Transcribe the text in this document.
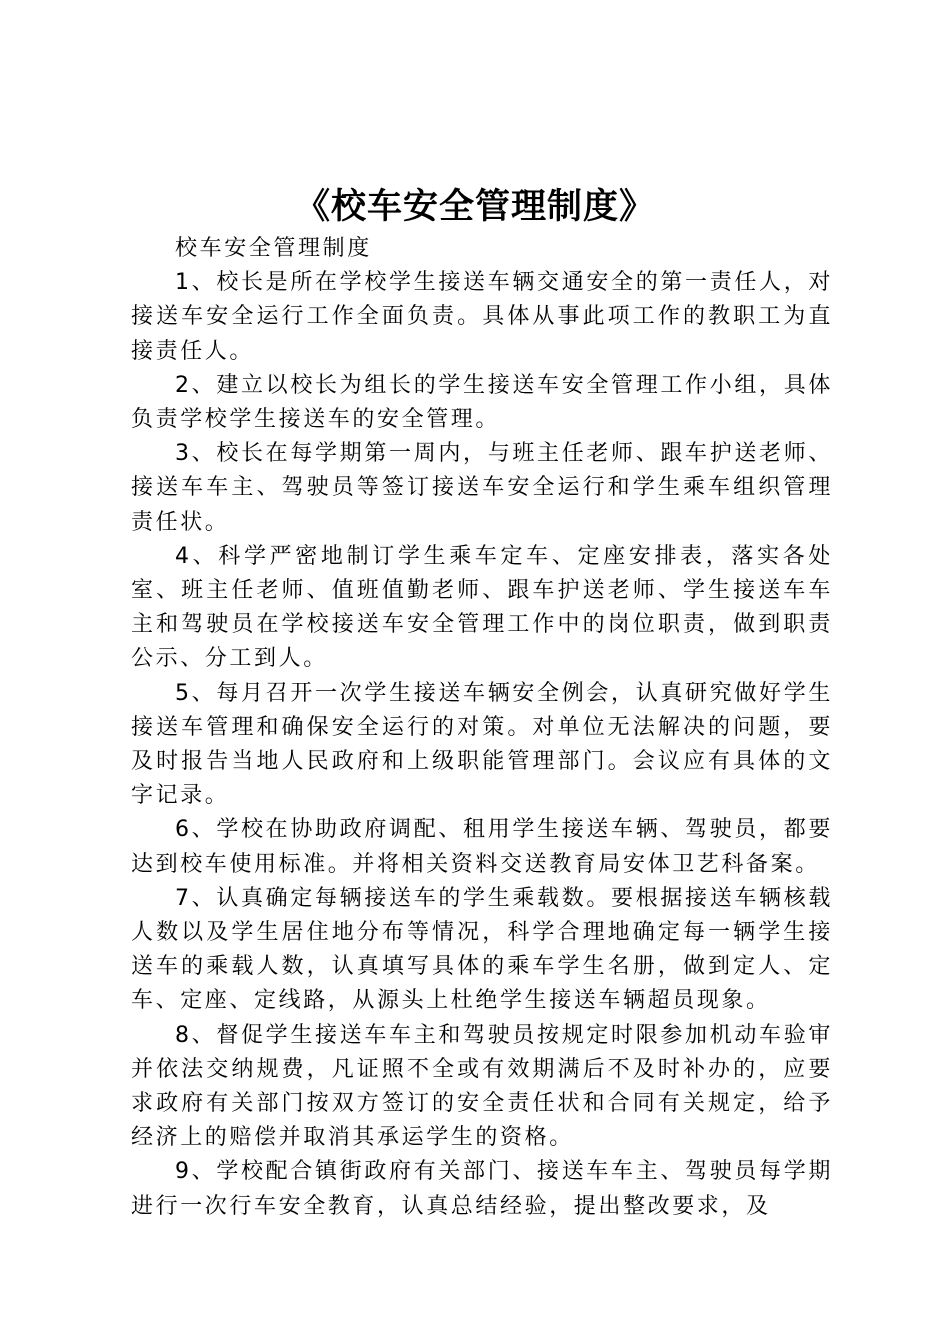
《校车安全管理制度》

校车安全管理制度

1、校长是所在学校学生接送车辆交通安全的第一责任人，对接送车安全运行工作全面负责。具体从事此项工作的教职工为直接责任人。

2、建立以校长为组长的学生接送车安全管理工作小组，具体负责学校学生接送车的安全管理。

3、校长在每学期第一周内，与班主任老师、跟车护送老师、接送车车主、驾驶员等签订接送车安全运行和学生乘车组织管理责任状。

4、科学严密地制订学生乘车定车、定座安排表，落实各处室、班主任老师、值班值勤老师、跟车护送老师、学生接送车车主和驾驶员在学校接送车安全管理工作中的岗位职责，做到职责公示、分工到人。

5、每月召开一次学生接送车辆安全例会，认真研究做好学生接送车管理和确保安全运行的对策。对单位无法解决的问题，要及时报告当地人民政府和上级职能管理部门。会议应有具体的文字记录。

6、学校在协助政府调配、租用学生接送车辆、驾驶员，都要达到校车使用标准。并将相关资料交送教育局安体卫艺科备案。

7、认真确定每辆接送车的学生乘载数。要根据接送车辆核载人数以及学生居住地分布等情况，科学合理地确定每一辆学生接送车的乘载人数，认真填写具体的乘车学生名册，做到定人、定车、定座、定线路，从源头上杜绝学生接送车辆超员现象。

8、督促学生接送车车主和驾驶员按规定时限参加机动车验审并依法交纳规费，凡证照不全或有效期满后不及时补办的，应要求政府有关部门按双方签订的安全责任状和合同有关规定，给予经济上的赔偿并取消其承运学生的资格。

9、学校配合镇街政府有关部门、接送车车主、驾驶员每学期进行一次行车安全教育，认真总结经验，提出整改要求，及
